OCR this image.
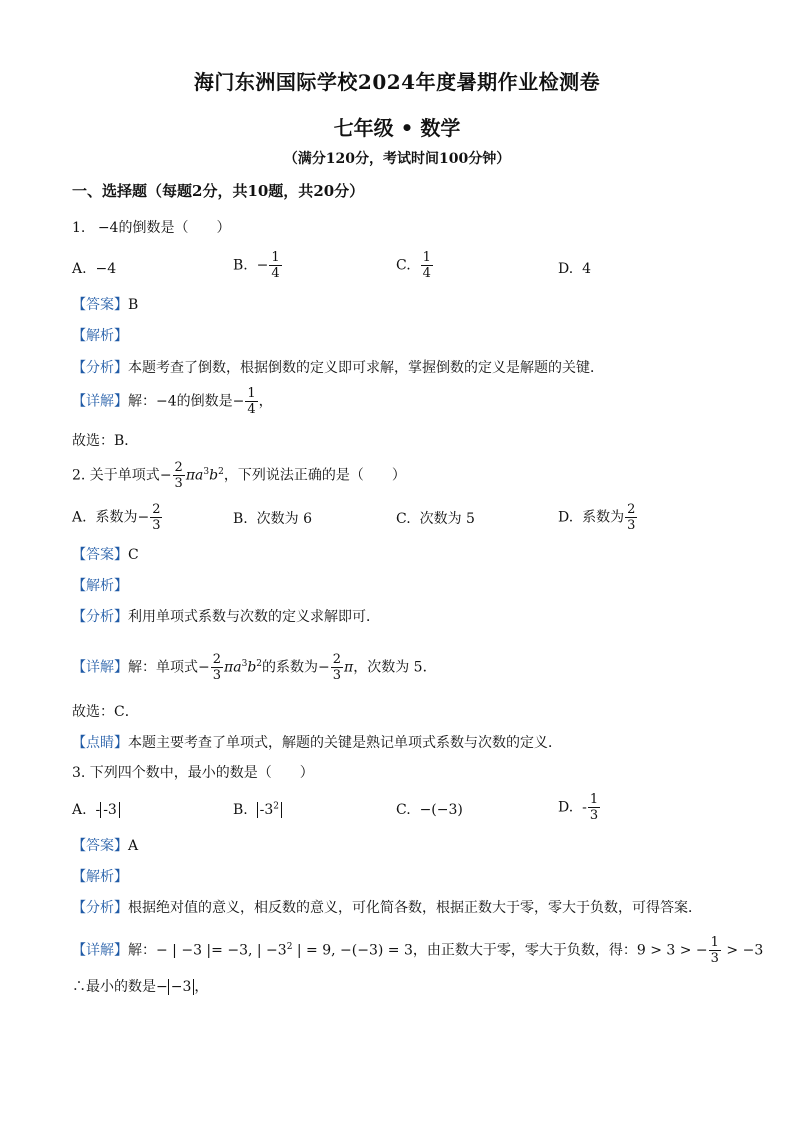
海门东洲国际学校2024年度暑期作业检测卷
七年级 • 数学
（满分120分，考试时间100分钟）
一、选择题（每题2分，共10题，共20分）
1. −4的倒数是（　　）
A. −4	B. − $\frac{1}{4}$	C. $\frac{1}{4}$	D. 4
【答案】B
【解析】
【分析】本题考查了倒数，根据倒数的定义即可求解，掌握倒数的定义是解题的关键．
【详解】解：−4的倒数是− $\frac{1}{4}$ ，
故选：B．
2. 关于单项式− $\frac{2}{3} \pi a^3b^2$，下列说法正确的是（　　）
A. 系数为− $\frac{2}{3}$	B. 次数为 6	C. 次数为 5	D. 系数为 $\frac{2}{3}$
【答案】C
【解析】
【分析】利用单项式系数与次数的定义求解即可．
【详解】解：单项式− $\frac{2}{3} \pi a^3b^2$的系数为− $\frac{2}{3}$ π，次数为 5．
故选：C．
【点睛】本题主要考查了单项式，解题的关键是熟记单项式系数与次数的定义．
3. 下列四个数中，最小的数是（　　）
A. - -3	B. $-3^2$	C. −(−3)	D. - $\frac{1}{3}$
【答案】A
【解析】
【分析】根据绝对值的意义，相反数的意义，可化简各数，根据正数大于零，零大于负数，可得答案．
【详解】解：− | −3 |= −3, | $-3^2$ | = 9, −(−3) = 3，由正数大于零，零大于负数，得：9 > 3 > − $\frac{1}{3} > -3$
∴最小的数是− −3 ，
